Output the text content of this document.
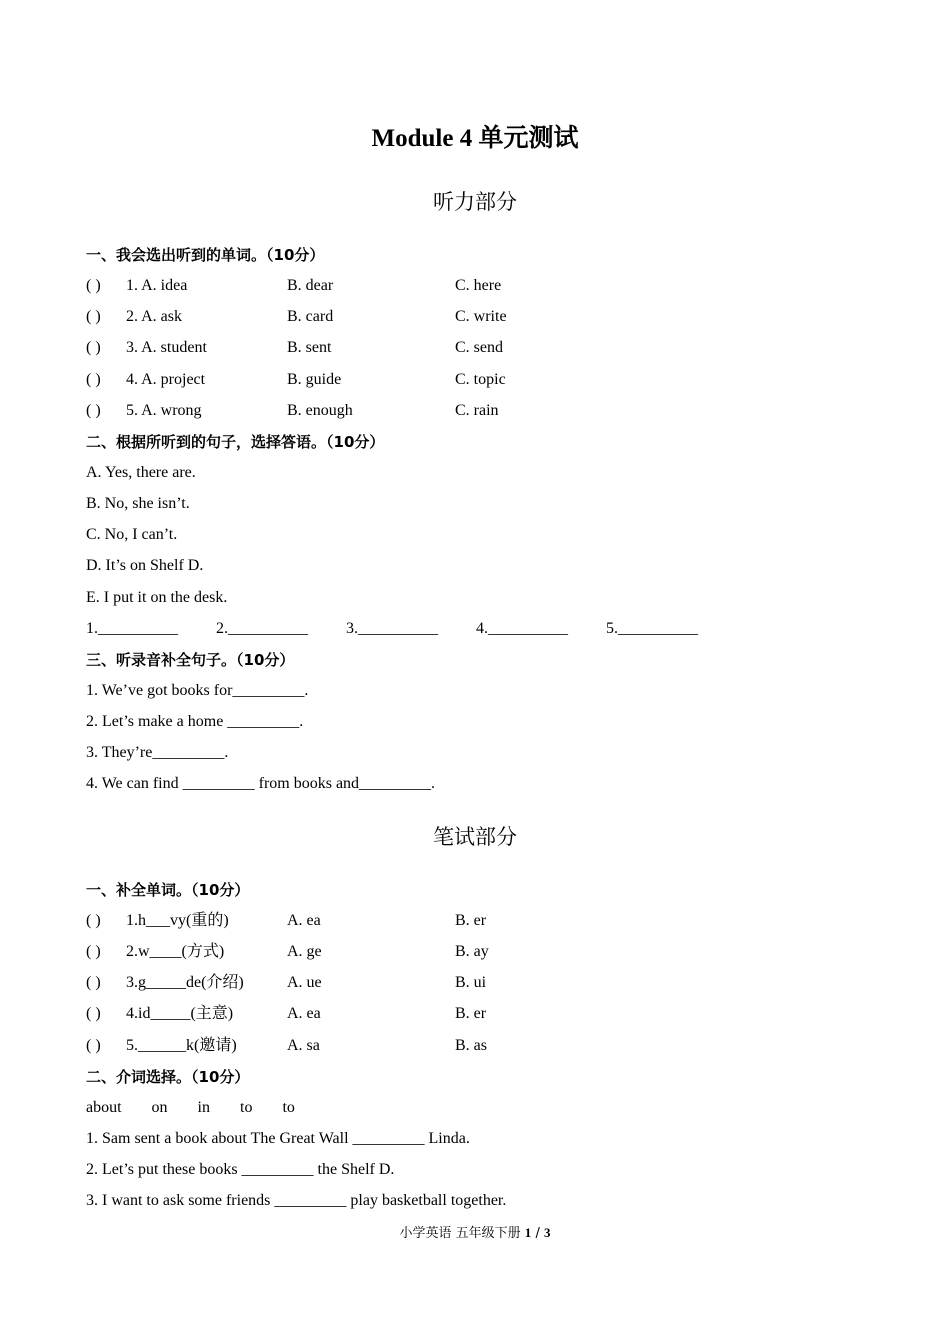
Module 4 单元测试
听力部分
一、我会选出听到的单词。（10分）
( ) 1. A. idea	B. dear	C. here
( ) 2. A. ask	B. card	C. write
( ) 3. A. student	B. sent	C. send
( ) 4. A. project	B. guide	C. topic
( ) 5. A. wrong	B. enough	C. rain
二、根据所听到的句子，选择答语。（10分）
A. Yes, there are.
B. No, she isn’t.
C. No, I can’t.
D. It’s on Shelf D.
E. I put it on the desk.
1.__________ 2.__________ 3.__________ 4.__________ 5.__________
三、听录音补全句子。（10分）
1. We’ve got books for_________.
2. Let’s make a home _________.
3. They’re_________.
4. We can find _________ from books and_________.
笔试部分
一、补全单词。（10分）
( ) 1.h___vy(重的)	A. ea	B. er
( ) 2.w____(方式)	A. ge	B. ay
( ) 3.g_____de(介绍)	A. ue	B. ui
( ) 4.id_____(主意)	A. ea	B. er
( ) 5.______k(邀请)	A. sa	B. as
二、介词选择。（10分）
about on in to to
1. Sam sent a book about The Great Wall _________ Linda.
2. Let’s put these books _________ the Shelf D.
3. I want to ask some friends _________ play basketball together.
小学英语 五年级下册 1 / 3
